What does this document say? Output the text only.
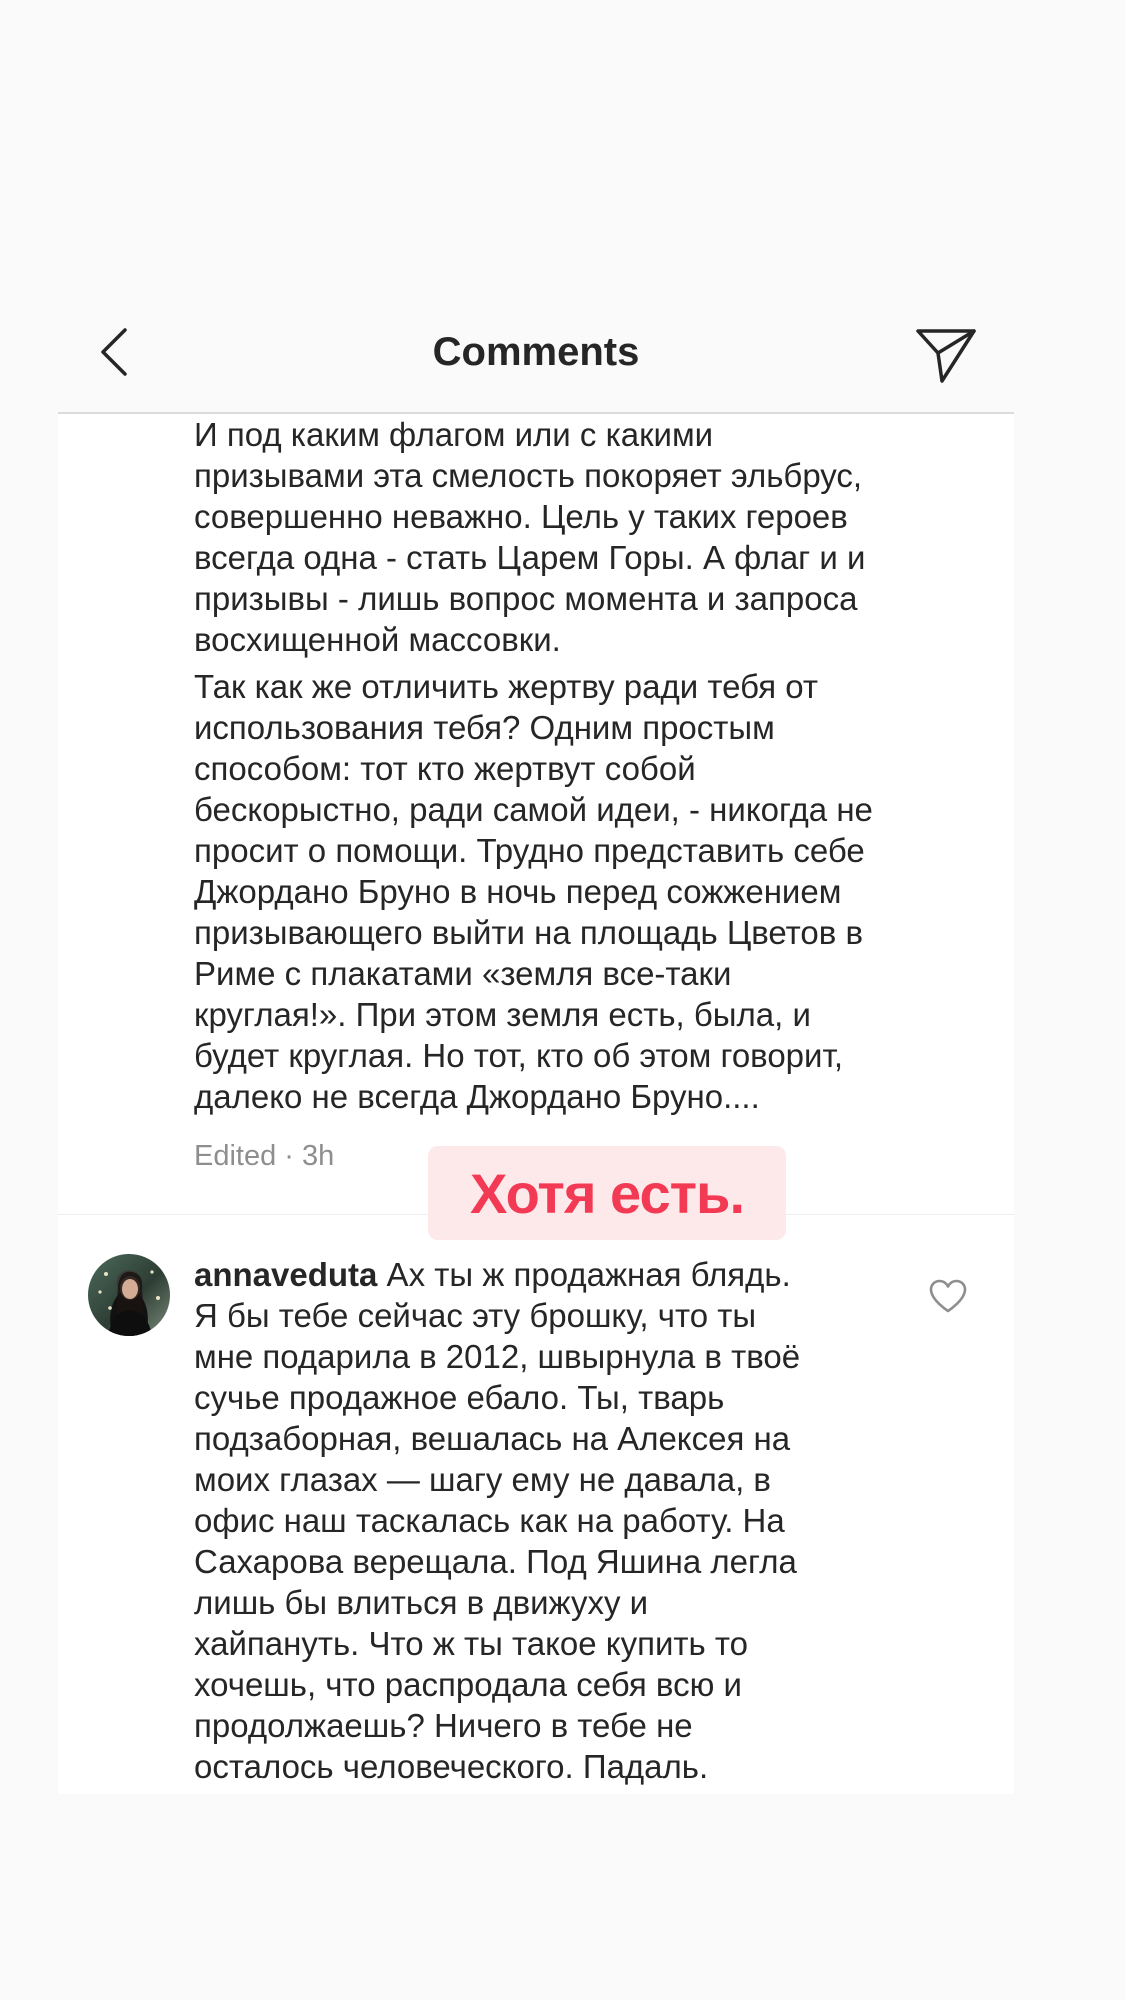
Comments

И под каким флагом или с какими
призывами эта смелость покоряет эльбрус,
совершенно неважно. Цель у таких героев
всегда одна - стать Царем Горы. А флаг и и
призывы - лишь вопрос момента и запроса
восхищенной массовки.

Так как же отличить жертву ради тебя от
использования тебя? Одним простым
способом: тот кто жертвут собой
бескорыстно, ради самой идеи, - никогда не
просит о помощи. Трудно представить себе
Джордано Бруно в ночь перед сожжением
призывающего выйти на площадь Цветов в
Риме с плакатами «земля все-таки
круглая!». При этом земля есть, была, и
будет круглая. Но тот, кто об этом говорит,
далеко не всегда Джордано Бруно....

Edited · 3h
Хотя есть.

annaveduta Ах ты ж продажная блядь.
Я бы тебе сейчас эту брошку, что ты
мне подарила в 2012, швырнула в твоё
сучье продажное ебало. Ты, тварь
подзаборная, вешалась на Алексея на
моих глазах — шагу ему не давала, в
офис наш таскалась как на работу. На
Сахарова верещала. Под Яшина легла
лишь бы влиться в движуху и
хайпануть. Что ж ты такое купить то
хочешь, что распродала себя всю и
продолжаешь? Ничего в тебе не
осталось человеческого. Падаль.
